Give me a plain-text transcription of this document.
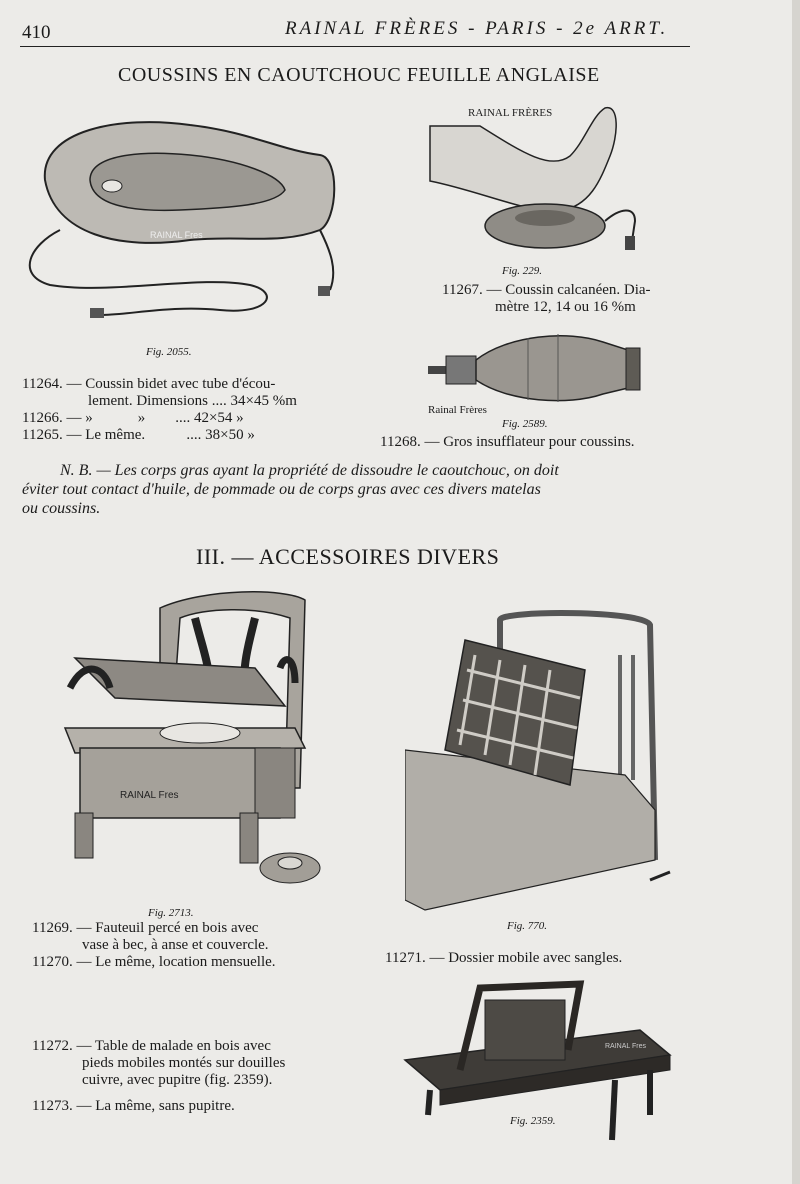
410	RAINAL FRÈRES - PARIS - 2e ARRT.
COUSSINS EN CAOUTCHOUC FEUILLE ANGLAISE
RAINAL Fres
Fig. 2055.
RAINAL FRÈRES
Fig. 229.
11267. — Coussin calcanéen. Dia-
mètre 12, 14 ou 16 %m
Rainal Frères
Fig. 2589.
11264. — Coussin bidet avec tube d'écou-
lement. Dimensions .... 34×45 %m
11266. — »            »        .... 42×54 »
11265. — Le même.           .... 38×50 »	11268. — Gros insufflateur pour coussins.
N. B. — Les corps gras ayant la propriété de dissoudre le caoutchouc, on doit
éviter tout contact d'huile, de pommade ou de corps gras avec ces divers matelas
ou coussins.
III. — ACCESSOIRES DIVERS
RAINAL Fres
Fig. 2713.
11269. — Fauteuil percé en bois avec
vase à bec, à anse et couvercle.
11270. — Le même, location mensuelle.
Fig. 770.
11271. — Dossier mobile avec sangles.
11272. — Table de malade en bois avec
pieds mobiles montés sur douilles
cuivre, avec pupitre (fig. 2359).
11273. — La même, sans pupitre.
RAINAL Fres
Fig. 2359.
